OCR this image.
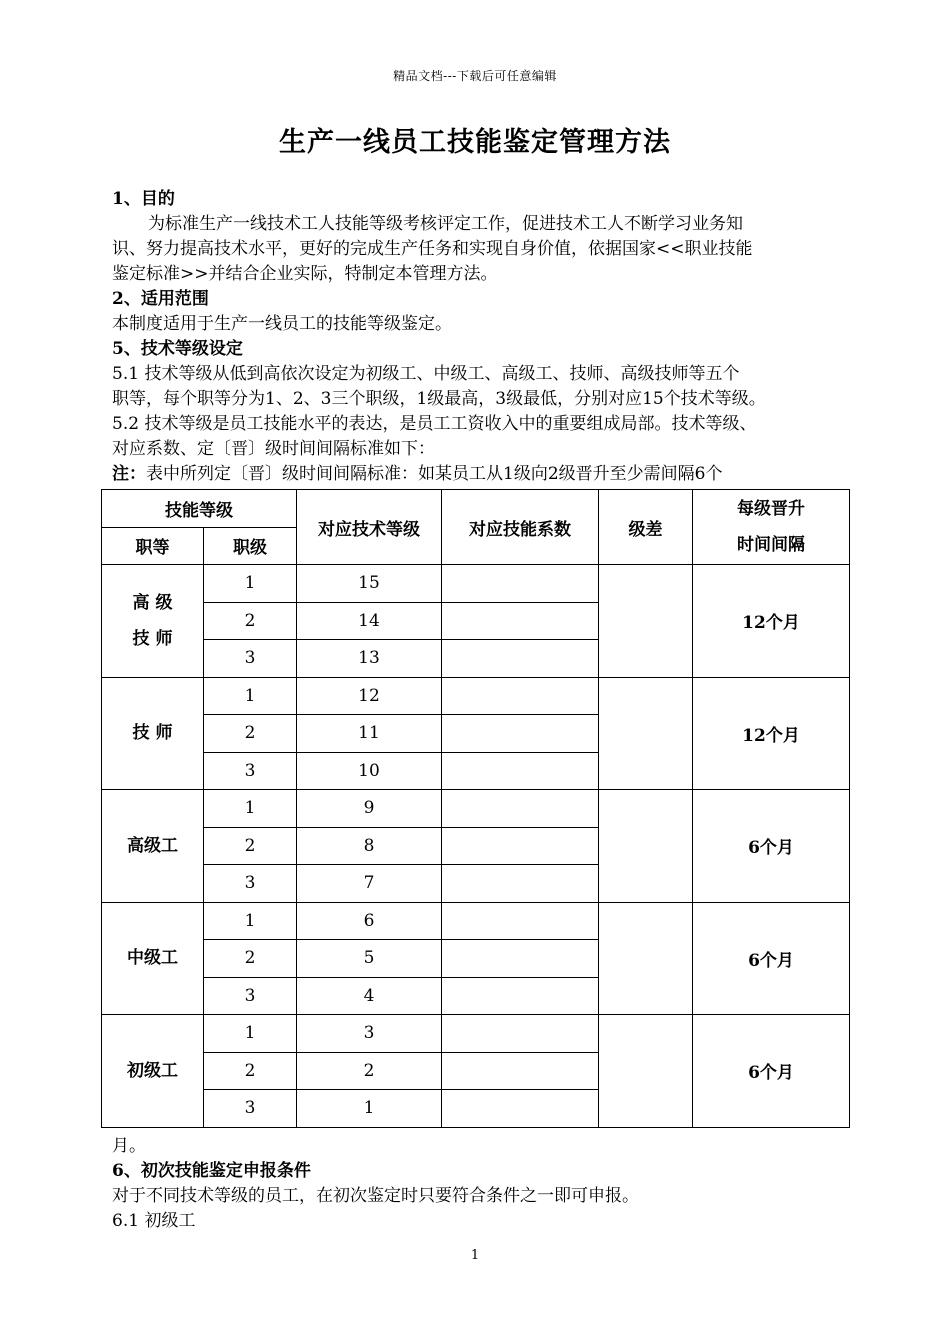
精品文档---下载后可任意编辑
生产一线员工技能鉴定管理方法
1、目的
为标准生产一线技术工人技能等级考核评定工作，促进技术工人不断学习业务知
识、努力提高技术水平，更好的完成生产任务和实现自身价值，依据国家<<职业技能
鉴定标准>>并结合企业实际，特制定本管理方法。
2、适用范围
本制度适用于生产一线员工的技能等级鉴定。
5、技术等级设定
5.1 技术等级从低到高依次设定为初级工、中级工、高级工、技师、高级技师等五个
职等，每个职等分为1、2、3三个职级，1级最高，3级最低，分别对应15个技术等级。
5.2 技术等级是员工技能水平的表达，是员工工资收入中的重要组成局部。技术等级、
对应系数、定〔晋〕级时间间隔标准如下：
注：表中所列定〔晋〕级时间间隔标准：如某员工从1级向2级晋升至少需间隔6个
技能等级		对应技术等级	对应技能系数	级差	每级晋升
时间间隔

职等	职级				

高 级
技 师	1	15			12个月
	2	14			
	3	13			

技 师	1	12			12个月
	2	11			
	3	10			

高级工	1	9			6个月
	2	8			
	3	7			

中级工	1	6			6个月
	2	5			
	3	4			

初级工	1	3			6个月
	2	2			
	3	1			
月。
6、初次技能鉴定申报条件
对于不同技术等级的员工，在初次鉴定时只要符合条件之一即可申报。
6.1 初级工
1
